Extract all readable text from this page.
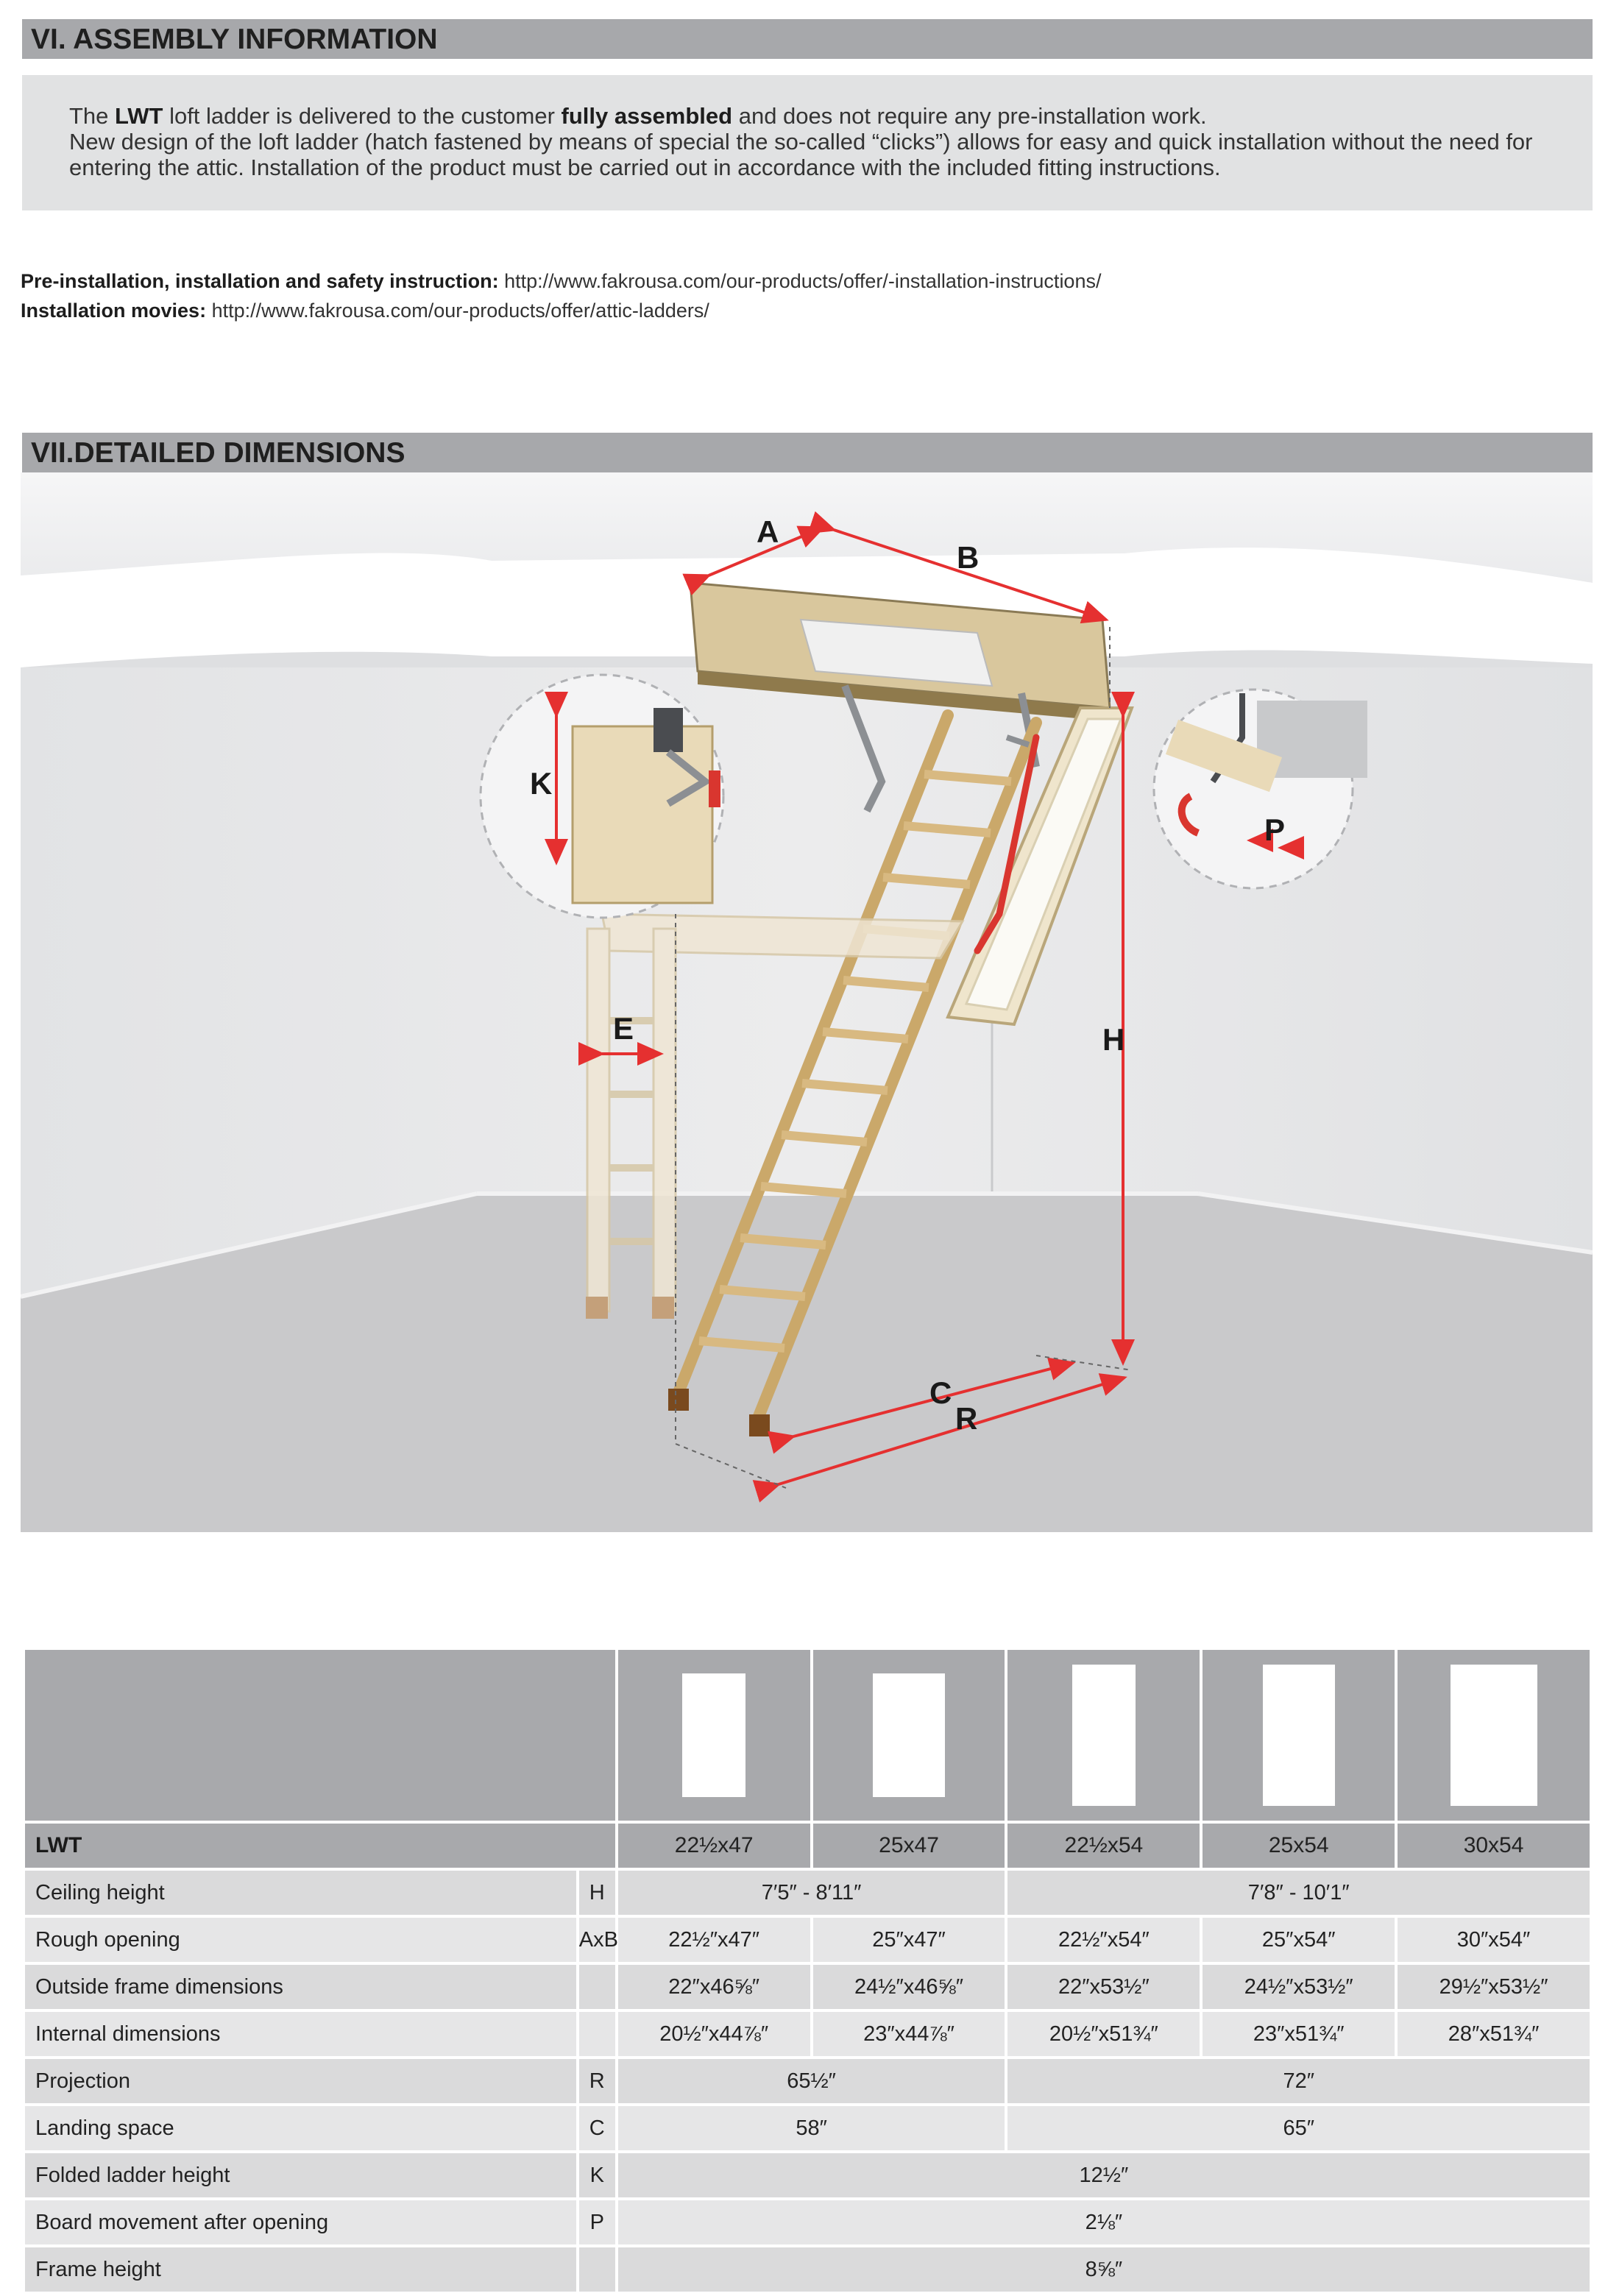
VI. ASSEMBLY INFORMATION

The LWT loft ladder is delivered to the customer fully assembled and does not require any pre-installation work.

New design of the loft ladder (hatch fastened by means of special the so-called “clicks”) allows for easy and quick installation without the need for entering the attic. Installation of the product must be carried out in accordance with the included fitting instructions.

Pre-installation, installation and safety instruction: http://www.fakrousa.com/our-products/offer/-installation-instructions/
Installation movies: http://www.fakrousa.com/our-products/offer/attic-ladders/
VII.DETAILED DIMENSIONS
A
B
K
P
E	H
C
R

LWT		22½x47	25x47	22½x54	25x54	30x54
Ceiling height	H	7′5″ - 8′11″		7′8″ - 10′1″		
Rough opening	AxB	22½″x47″	25″x47″	22½″x54″	25″x54″	30″x54″
Outside frame dimensions		22″x46⅝″	24½″x46⅝″	22″x53½″	24½″x53½″	29½″x53½″
Internal dimensions		20½″x44⅞″	23″x44⅞″	20½″x51¾″	23″x51¾″	28″x51¾″
Projection	R	65½″		72″		
Landing space	C	58″		65″		
Folded ladder height	K	12½″				
Board movement after opening	P	2⅛″				
Frame height		8⅝″				
